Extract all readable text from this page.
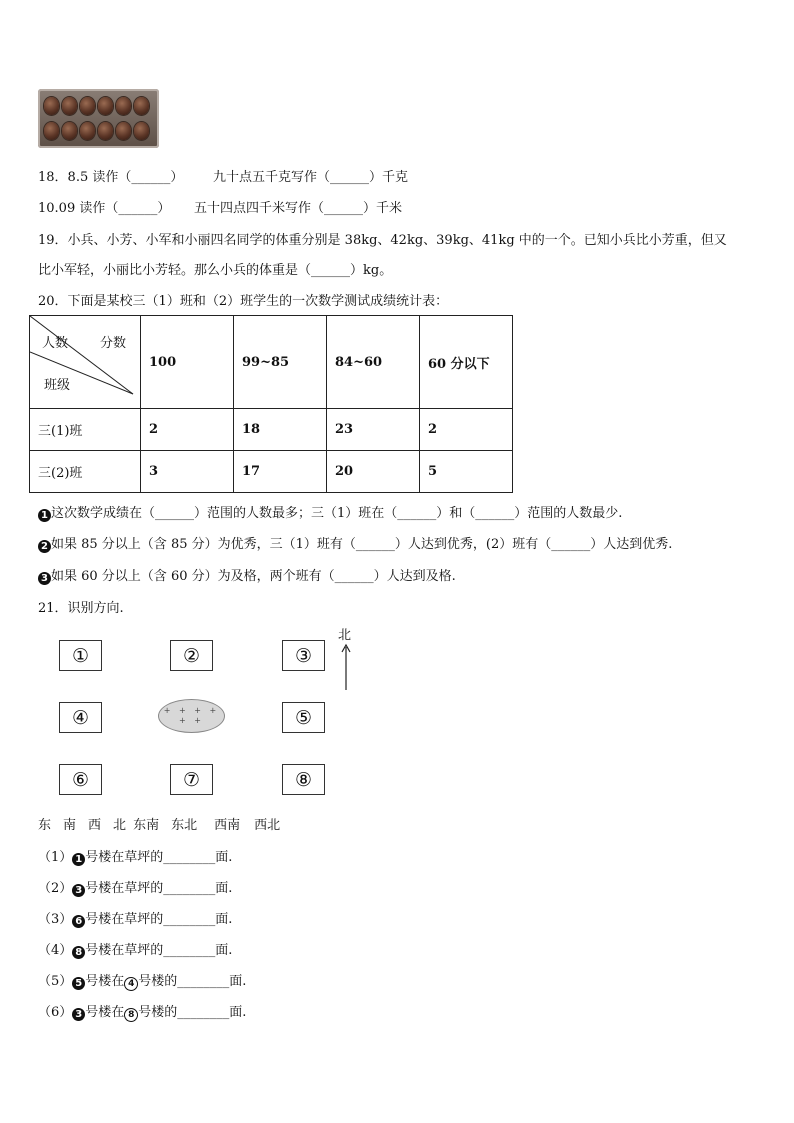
18．8.5 读作（______） 九十点五千克写作（______）千克
10.09 读作（______） 五十四点四千米写作（______）千米
19．小兵、小芳、小军和小丽四名同学的体重分别是 38kg、42kg、39kg、41kg 中的一个。已知小兵比小芳重，但又
比小军轻，小丽比小芳轻。那么小兵的体重是（______）kg。
20．下面是某校三（1）班和（2）班学生的一次数学测试成绩统计表：
人数 分数
班级	100	99~85	84~60	60 分以下
三(1)班	2	18	23	2
三(2)班	3	17	20	5
1 这次数学成绩在（______）范围的人数最多；三（1）班在（______）和（______）范围的人数最少.
2 如果 85 分以上（含 85 分）为优秀，三（1）班有（______）人达到优秀，(2）班有（______）人达到优秀.
3 如果 60 分以上（含 60 分）为及格，两个班有（______）人达到及格.
21．识别方向.
北
①	②	③
④	+ + + + + +	⑤
⑥	⑦	⑧
东 南 西 北 东南 东北 西南 西北
（1） 1 号楼在草坪的________面.
（2） 3 号楼在草坪的________面.
（3） 6 号楼在草坪的________面.
（4） 8 号楼在草坪的________面.
（5） 5 号楼在 4 号楼的________面.
（6） 3 号楼在 8 号楼的________面.
